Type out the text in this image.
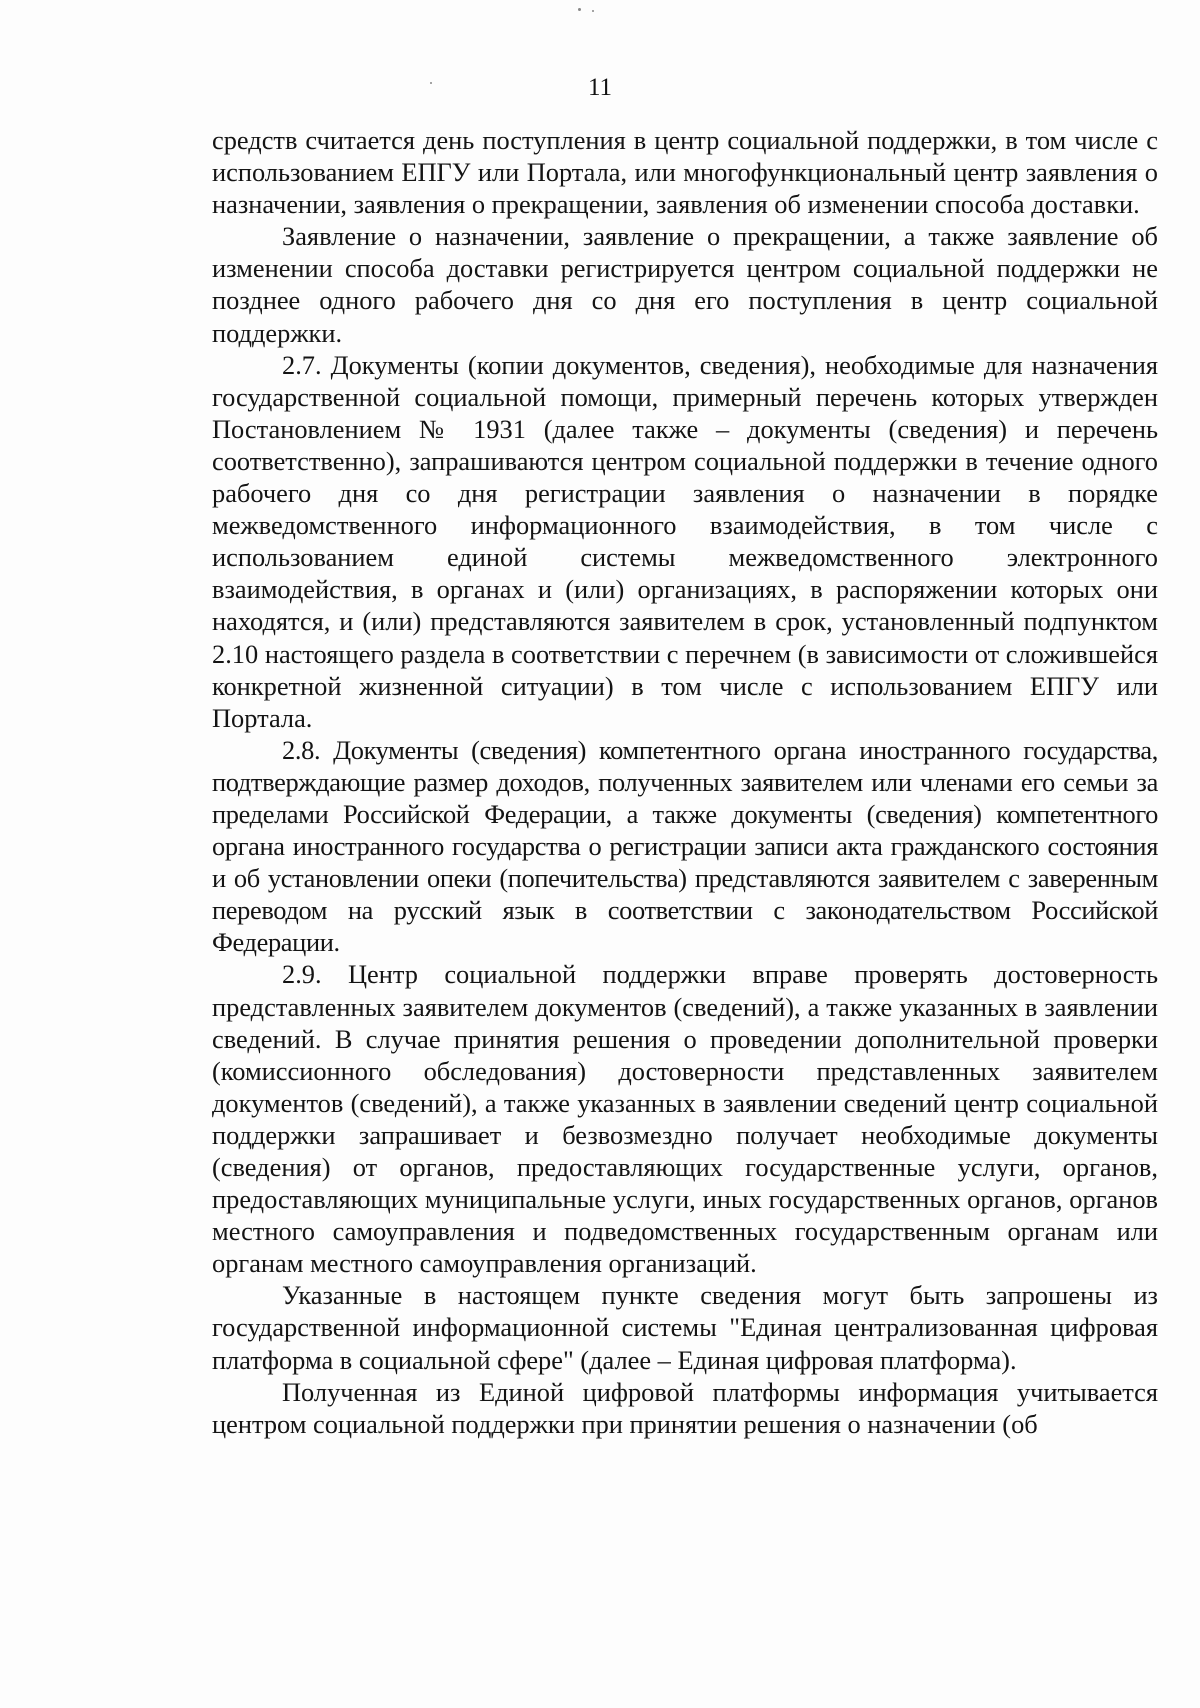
11

средств считается день поступления в центр социальной поддержки, в том числе с использованием ЕПГУ или Портала, или многофункциональный центр заявления о назначении, заявления о прекращении, заявления об изменении способа доставки.

Заявление о назначении, заявление о прекращении, а также заявление об изменении способа доставки регистрируется центром социальной поддержки не позднее одного рабочего дня со дня его поступления в центр социальной поддержки.

2.7. Документы (копии документов, сведения), необходимые для назначения государственной социальной помощи, примерный перечень которых утвержден Постановлением № 1931 (далее также – документы (сведения) и перечень соответственно), запрашиваются центром социальной поддержки в течение одного рабочего дня со дня регистрации заявления о назначении в порядке межведомственного информационного взаимодействия, в том числе с использованием единой системы межведомственного электронного взаимодействия, в органах и (или) организациях, в распоряжении которых они находятся, и (или) представляются заявителем в срок, установленный подпунктом 2.10 настоящего раздела в соответствии с перечнем (в зависимости от сложившейся конкретной жизненной ситуации) в том числе с использованием ЕПГУ или Портала.

2.8. Документы (сведения) компетентного органа иностранного государства, подтверждающие размер доходов, полученных заявителем или членами его семьи за пределами Российской Федерации, а также документы (сведения) компетентного органа иностранного государства о регистрации записи акта гражданского состояния и об установлении опеки (попечительства) представляются заявителем с заверенным переводом на русский язык в соответствии с законодательством Российской Федерации.

2.9. Центр социальной поддержки вправе проверять достоверность представленных заявителем документов (сведений), а также указанных в заявлении сведений. В случае принятия решения о проведении дополнительной проверки (комиссионного обследования) достоверности представленных заявителем документов (сведений), а также указанных в заявлении сведений центр социальной поддержки запрашивает и безвозмездно получает необходимые документы (сведения) от органов, предоставляющих государственные услуги, органов, предоставляющих муниципальные услуги, иных государственных органов, органов местного самоуправления и подведомственных государственным органам или органам местного самоуправления организаций.

Указанные в настоящем пункте сведения могут быть запрошены из государственной информационной системы "Единая централизованная цифровая платформа в социальной сфере" (далее – Единая цифровая платформа).

Полученная из Единой цифровой платформы информация учитывается центром социальной поддержки при принятии решения о назначении (об
